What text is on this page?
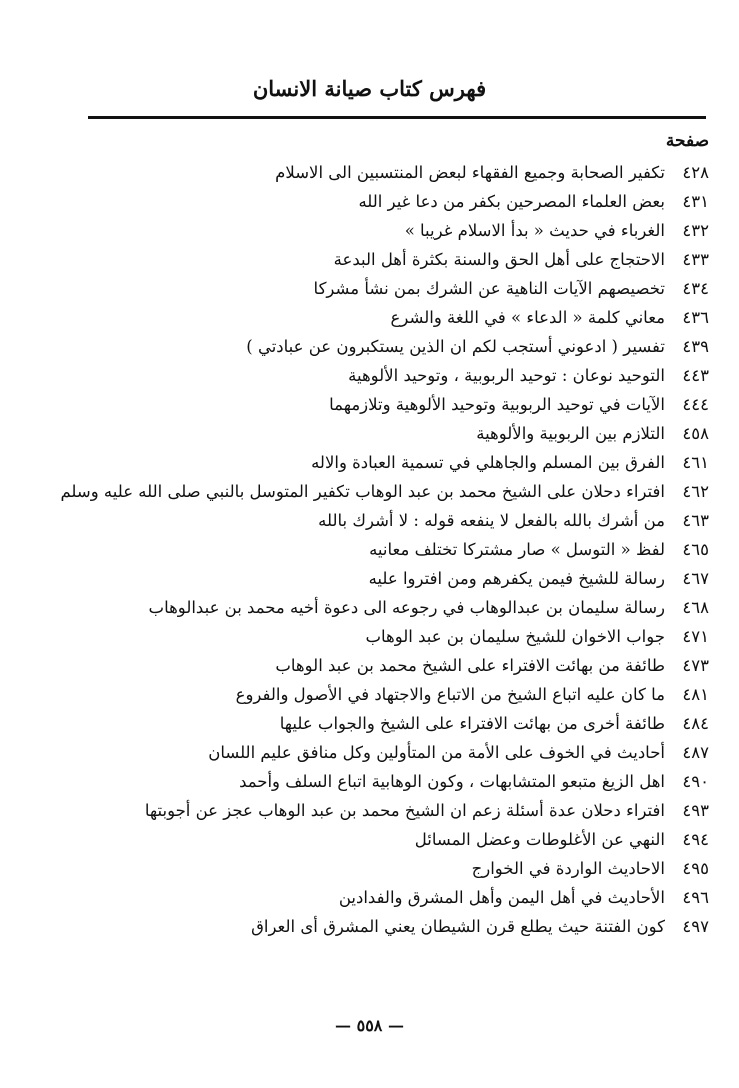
فهرس كتاب صيانة الانسان
صفحة
٤٢٨
تكفير الصحابة وجميع الفقهاء لبعض المنتسبين الى الاسلام
٤٣١
بعض العلماء المصرحين بكفر من دعا غير الله
٤٣٢
الغرباء في حديث « بدأ الاسلام غريبا »
٤٣٣
الاحتجاج على أهل الحق والسنة بكثرة أهل البدعة
٤٣٤
تخصيصهم الآيات الناهية عن الشرك بمن نشأ مشركا
٤٣٦
معاني كلمة « الدعاء » في اللغة والشرع
٤٣٩
تفسير ( ادعوني أستجب لكم ان الذين يستكبرون عن عبادتي )
٤٤٣
التوحيد نوعان : توحيد الربوبية ، وتوحيد الألوهية
٤٤٤
الآيات في توحيد الربوبية وتوحيد الألوهية وتلازمهما
٤٥٨
التلازم بين الربوبية والألوهية
٤٦١
الفرق بين المسلم والجاهلي في تسمية العبادة والاله
٤٦٢
افتراء دحلان على الشيخ محمد بن عبد الوهاب تكفير المتوسل بالنبي صلى الله عليه وسلم
٤٦٣
من أشرك بالله بالفعل لا ينفعه قوله : لا أشرك بالله
٤٦٥
لفظ « التوسل » صار مشتركا تختلف معانيه
٤٦٧
رسالة للشيخ فيمن يكفرهم ومن افتروا عليه
٤٦٨
رسالة سليمان بن عبدالوهاب في رجوعه الى دعوة أخيه محمد بن عبدالوهاب
٤٧١
جواب الاخوان للشيخ سليمان بن عبد الوهاب
٤٧٣
طائفة من بهائت الافتراء على الشيخ محمد بن عبد الوهاب
٤٨١
ما كان عليه اتباع الشيخ من الاتباع والاجتهاد في الأصول والفروع
٤٨٤
طائفة أخرى من بهائت الافتراء على الشيخ والجواب عليها
٤٨٧
أحاديث في الخوف على الأمة من المتأولين وكل منافق عليم اللسان
٤٩٠
اهل الزيغ متبعو المتشابهات ، وكون الوهابية اتباع السلف وأحمد
٤٩٣
افتراء دحلان عدة أسئلة زعم ان الشيخ محمد بن عبد الوهاب عجز عن أجوبتها
٤٩٤
النهي عن الأغلوطات وعضل المسائل
٤٩٥
الاحاديث الواردة في الخوارج
٤٩٦
الأحاديث في أهل اليمن وأهل المشرق والفدادين
٤٩٧
كون الفتنة حيث يطلع قرن الشيطان يعني المشرق أى العراق
— ٥٥٨ —
